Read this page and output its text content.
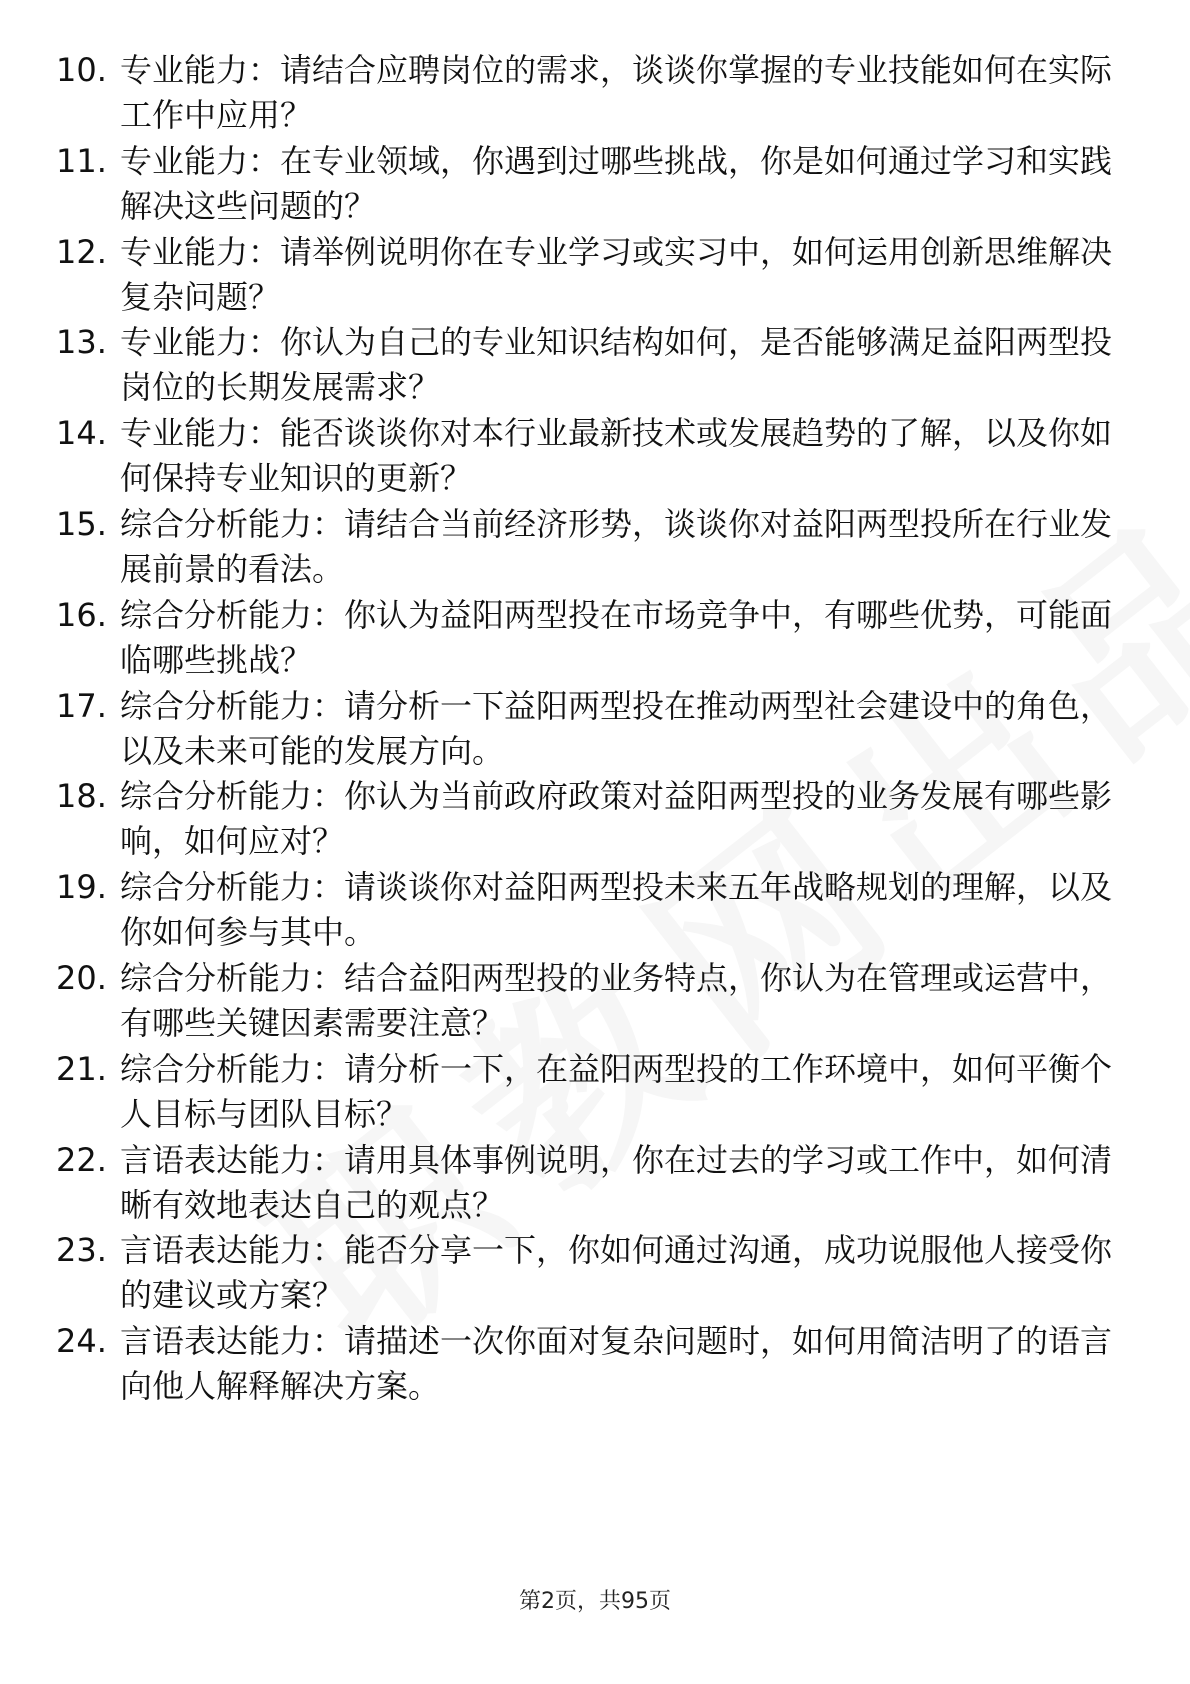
10. 专业能力：请结合应聘岗位的需求，谈谈你掌握的专业技能如何在实际工作中应用？
11. 专业能力：在专业领域，你遇到过哪些挑战，你是如何通过学习和实践解决这些问题的？
12. 专业能力：请举例说明你在专业学习或实习中，如何运用创新思维解决复杂问题？
13. 专业能力：你认为自己的专业知识结构如何，是否能够满足益阳两型投岗位的长期发展需求？
14. 专业能力：能否谈谈你对本行业最新技术或发展趋势的了解，以及你如何保持专业知识的更新？
15. 综合分析能力：请结合当前经济形势，谈谈你对益阳两型投所在行业发展前景的看法。
16. 综合分析能力：你认为益阳两型投在市场竞争中，有哪些优势，可能面临哪些挑战？
17. 综合分析能力：请分析一下益阳两型投在推动两型社会建设中的角色，以及未来可能的发展方向。
18. 综合分析能力：你认为当前政府政策对益阳两型投的业务发展有哪些影响，如何应对？
19. 综合分析能力：请谈谈你对益阳两型投未来五年战略规划的理解，以及你如何参与其中。
20. 综合分析能力：结合益阳两型投的业务特点，你认为在管理或运营中，有哪些关键因素需要注意？
21. 综合分析能力：请分析一下，在益阳两型投的工作环境中，如何平衡个人目标与团队目标？
22. 言语表达能力：请用具体事例说明，你在过去的学习或工作中，如何清晰有效地表达自己的观点？
23. 言语表达能力：能否分享一下，你如何通过沟通，成功说服他人接受你的建议或方案？
24. 言语表达能力：请描述一次你面对复杂问题时，如何用简洁明了的语言向他人解释解决方案。
第2页，共95页
